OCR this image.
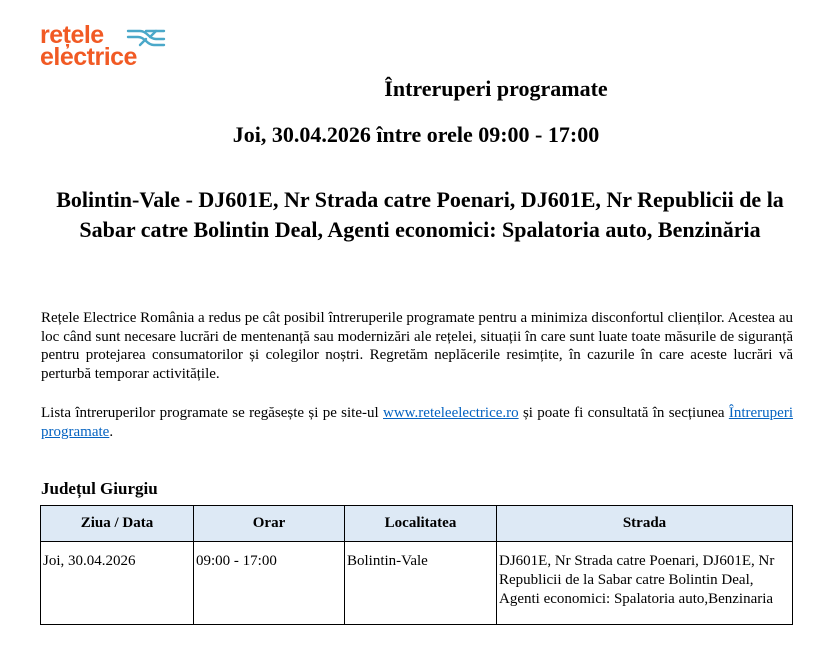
rețele
electrice
Întreruperi programate
Joi, 30.04.2026 între orele 09:00 - 17:00
Bolintin-Vale - DJ601E, Nr Strada catre Poenari, DJ601E, Nr Republicii de la Sabar catre Bolintin Deal, Agenti economici: Spalatoria auto, Benzinăria
Rețele Electrice România a redus pe cât posibil întreruperile programate pentru a minimiza disconfortul clienților. Acestea au loc când sunt necesare lucrări de mentenanță sau modernizări ale rețelei, situații în care sunt luate toate măsurile de siguranță pentru protejarea consumatorilor și colegilor noștri. Regretăm neplăcerile resimțite, în cazurile în care aceste lucrări vă perturbă temporar activitățile.
Lista întreruperilor programate se regăsește și pe site-ul www.reteleelectrice.ro și poate fi consultată în secțiunea Întreruperi programate.
Județul Giurgiu
Ziua / Data	Orar	Localitatea	Strada
Joi, 30.04.2026	09:00 - 17:00	Bolintin-Vale	DJ601E, Nr Strada catre Poenari, DJ601E, Nr Republicii de la Sabar catre Bolintin Deal, Agenti economici: Spalatoria auto,Benzinaria
